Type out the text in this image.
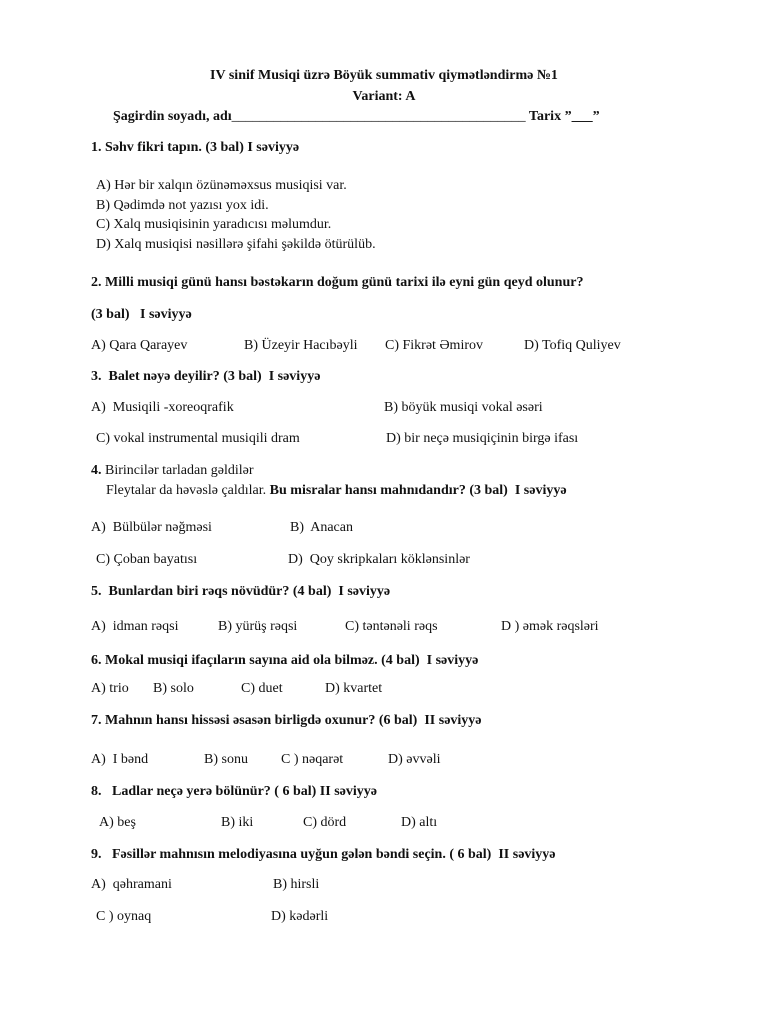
IV sinif Musiqi üzrə Böyük summativ qiymətləndirmə №1
Variant: A
Şagirdin soyadı, adı__________________________________________ Tarix ”___”
1. Səhv fikri tapın. (3 bal) I səviyyə
A) Hər bir xalqın özünəməxsus musiqisi var.
B) Qədimdə not yazısı yox idi.
C) Xalq musiqisinin yaradıcısı məlumdur.
D) Xalq musiqisi nəsillərə şifahi şəkildə ötürülüb.
2. Milli musiqi günü hansı bəstəkarın doğum günü tarixi ilə eyni gün qeyd olunur?
(3 bal)   I səviyyə
A) Qara Qarayev	B) Üzeyir Hacıbəyli C) Fikrət Əmirov	D) Tofiq Quliyev
3.  Balet nəyə deyilir? (3 bal)  I səviyyə
A)  Musiqili -xoreoqrafik	B) böyük musiqi vokal əsəri
C) vokal instrumental musiqili dram	D) bir neçə musiqiçinin birgə ifası
4. Birincilər tarladan gəldilər
Fleytalar da həvəslə çaldılar. Bu misralar hansı mahnıdandır? (3 bal)  I səviyyə
A)  Bülbülər nəğməsi	B)  Anacan
C) Çoban bayatısı	D)  Qoy skripkaları köklənsinlər
5.  Bunlardan biri rəqs növüdür? (4 bal)  I səviyyə
A)  idman rəqsi	B) yürüş rəqsi	C) təntənəli rəqs	D ) əmək rəqsləri
6. Mokal musiqi ifaçıların sayına aid ola bilməz. (4 bal)  I səviyyə
A) trio B) solo	C) duet	D) kvartet
7. Mahnın hansı hissəsi əsasən birligdə oxunur? (6 bal)  II səviyyə
A)  I bənd	B) sonu C ) nəqarət	D) əvvəli
8.   Ladlar neçə yerə bölünür? ( 6 bal) II səviyyə
A) beş	B) iki	C) dörd	D) altı
9.   Fəsillər mahnısın melodiyasına uyğun gələn bəndi seçin. ( 6 bal)  II səviyyə
A)  qəhramani	B) hirsli
C ) oynaq	D) kədərli
